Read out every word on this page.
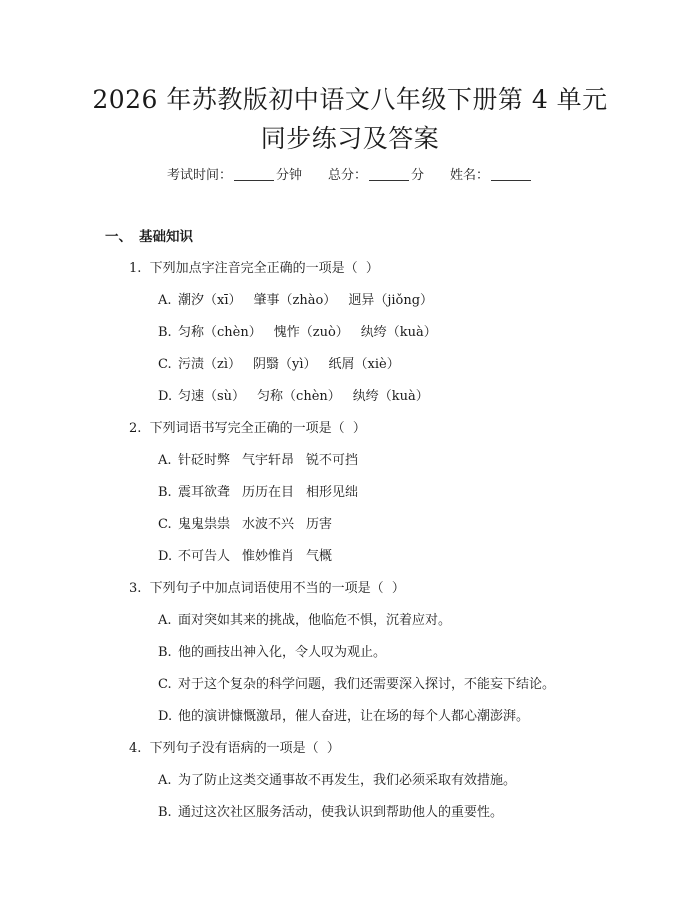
2026 年苏教版初中语文八年级下册第 4 单元
同步练习及答案
考试时间：	分钟 总分：	分 姓名：
一、 基础知识
1.  下列加点字注音完全正确的一项是（  ）
A. 潮汐（xī） 肇事（zhào） 迥异（jiǒng）
B. 匀称（chèn） 愧怍（zuò） 纨绔（kuà）
C. 污渍（zì） 阴翳（yì） 纸屑（xiè）
D. 匀速（sù） 匀称（chèn） 纨绔（kuà）
2.  下列词语书写完全正确的一项是（  ）
A. 针砭时弊 气宇轩昂 锐不可挡
B. 震耳欲聋 历历在目 相形见绌
C. 鬼鬼祟祟 水波不兴 历害
D. 不可告人 惟妙惟肖 气概
3.  下列句子中加点词语使用不当的一项是（  ）
A. 面对突如其来的挑战，他临危不惧，沉着应对。
B. 他的画技出神入化，令人叹为观止。
C. 对于这个复杂的科学问题，我们还需要深入探讨，不能妄下结论。
D. 他的演讲慷慨激昂，催人奋进，让在场的每个人都心潮澎湃。
4.  下列句子没有语病的一项是（  ）
A. 为了防止这类交通事故不再发生，我们必须采取有效措施。
B. 通过这次社区服务活动，使我认识到帮助他人的重要性。
